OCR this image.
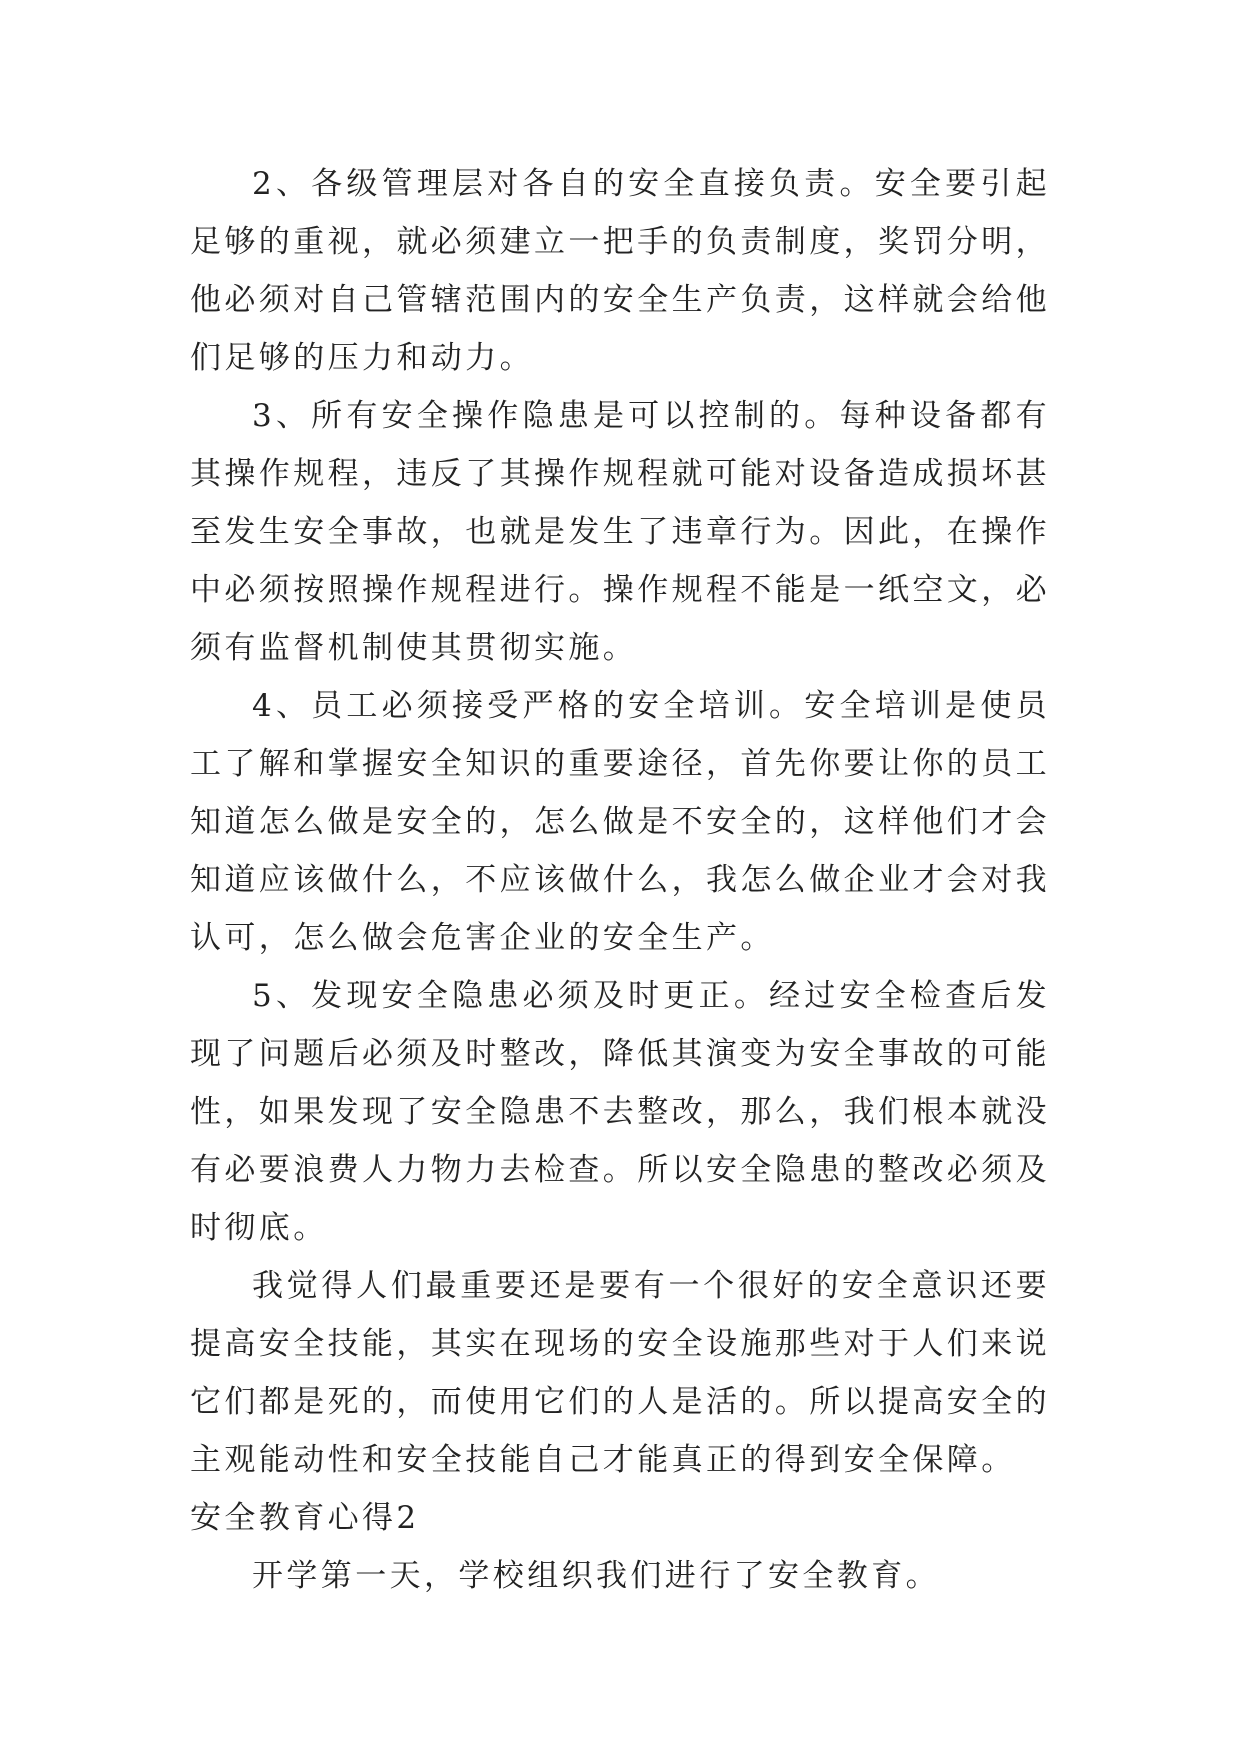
2、各级管理层对各自的安全直接负责。安全要引起足够的重视，就必须建立一把手的负责制度，奖罚分明，他必须对自己管辖范围内的安全生产负责，这样就会给他们足够的压力和动力。

3、所有安全操作隐患是可以控制的。每种设备都有其操作规程，违反了其操作规程就可能对设备造成损坏甚至发生安全事故，也就是发生了违章行为。因此，在操作中必须按照操作规程进行。操作规程不能是一纸空文，必须有监督机制使其贯彻实施。

4、员工必须接受严格的安全培训。安全培训是使员工了解和掌握安全知识的重要途径，首先你要让你的员工知道怎么做是安全的，怎么做是不安全的，这样他们才会知道应该做什么，不应该做什么，我怎么做企业才会对我认可，怎么做会危害企业的安全生产。

5、发现安全隐患必须及时更正。经过安全检查后发现了问题后必须及时整改，降低其演变为安全事故的可能性，如果发现了安全隐患不去整改，那么，我们根本就没有必要浪费人力物力去检查。所以安全隐患的整改必须及时彻底。

我觉得人们最重要还是要有一个很好的安全意识还要提高安全技能，其实在现场的安全设施那些对于人们来说它们都是死的，而使用它们的人是活的。所以提高安全的主观能动性和安全技能自己才能真正的得到安全保障。

安全教育心得2

开学第一天，学校组织我们进行了安全教育。
